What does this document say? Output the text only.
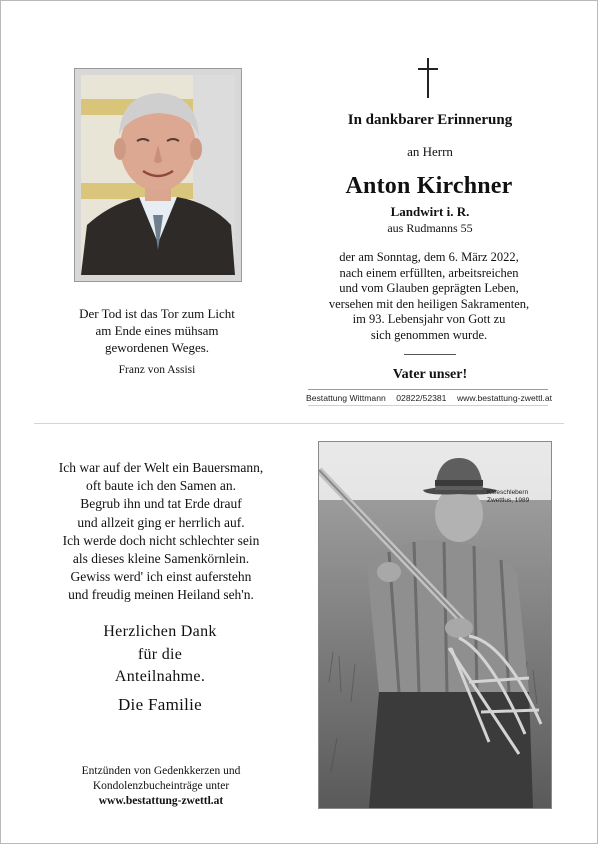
Der Tod ist das Tor zum Licht
am Ende eines mühsam
gewordenen Weges.
Franz von Assisi
In dankbarer Erinnerung
an Herrn
Anton Kirchner
Landwirt i. R.
aus Rudmanns 55
der am Sonntag, dem 6. März 2022,
nach einem erfüllten, arbeitsreichen
und vom Glauben geprägten Leben,
versehen mit den heiligen Sakramenten,
im 93. Lebensjahr von Gott zu
sich genommen wurde.
Vater unser!
Bestattung Wittmann 02822/52381 www.bestattung-zwettl.at
Ich war auf der Welt ein Bauersmann,
oft baute ich den Samen an.
Begrub ihn und tat Erde drauf
und allzeit ging er herrlich auf.
Ich werde doch nicht schlechter sein
als dieses kleine Samenkörnlein.
Gewiss werd' ich einst auferstehn
und freudig meinen Heiland seh'n.
Herzlichen Dank
für die
Anteilnahme.
Die Familie
Entzünden von Gedenkkerzen und
Kondolenzbucheinträge unter
www.bestattung-zwettl.at
Kleeschlebern
Zwettlus, 1989
